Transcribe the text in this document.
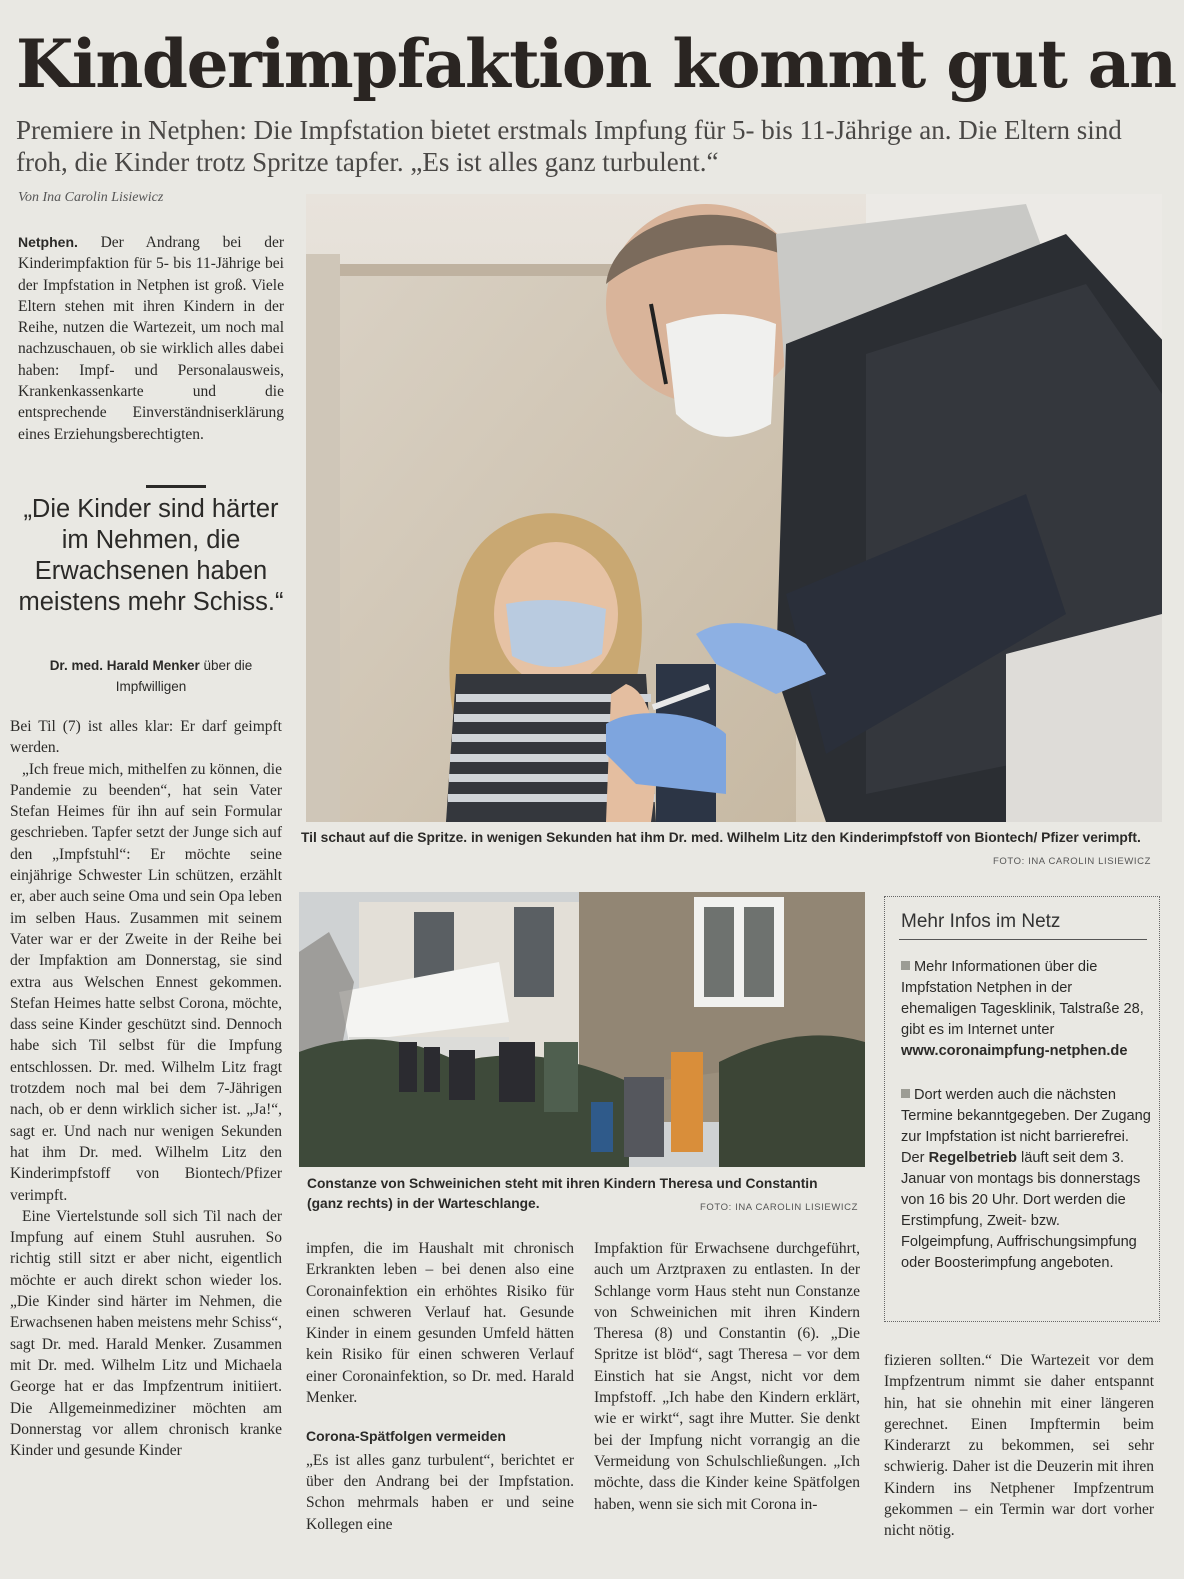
Kinderimpfaktion kommt gut an
Premiere in Netphen: Die Impfstation bietet erstmals Impfung für 5- bis 11-Jährige an. Die Eltern sind froh, die Kinder trotz Spritze tapfer. „Es ist alles ganz turbulent.“
Von Ina Carolin Lisiewicz

Netphen. Der Andrang bei der Kinderimpfaktion für 5- bis 11-Jährige bei der Impfstation in Netphen ist groß. Viele Eltern stehen mit ihren Kindern in der Reihe, nutzen die Wartezeit, um noch mal nachzuschauen, ob sie wirklich alles dabei haben: Impf- und Personalausweis, Krankenkassenkarte und die entsprechende Einverständniserklärung eines Erziehungsberechtigten.

„Die Kinder sind härter im Nehmen, die Erwachsenen haben meistens mehr Schiss.“
Dr. med. Harald Menker über die Impfwilligen

Bei Til (7) ist alles klar: Er darf geimpft werden.

„Ich freue mich, mithelfen zu können, die Pandemie zu beenden“, hat sein Vater Stefan Heimes für ihn auf sein Formular geschrieben. Tapfer setzt der Junge sich auf den „Impfstuhl“: Er möchte seine einjährige Schwester Lin schützen, erzählt er, aber auch seine Oma und sein Opa leben im selben Haus. Zusammen mit seinem Vater war er der Zweite in der Reihe bei der Impfaktion am Donnerstag, sie sind extra aus Welschen Ennest gekommen. Stefan Heimes hatte selbst Corona, möchte, dass seine Kinder geschützt sind. Dennoch habe sich Til selbst für die Impfung entschlossen. Dr. med. Wilhelm Litz fragt trotzdem noch mal bei dem 7-Jährigen nach, ob er denn wirklich sicher ist. „Ja!“, sagt er. Und nach nur wenigen Sekunden hat ihm Dr. med. Wilhelm Litz den Kinderimpfstoff von Biontech/Pfizer verimpft.

Eine Viertelstunde soll sich Til nach der Impfung auf einem Stuhl ausruhen. So richtig still sitzt er aber nicht, eigentlich möchte er auch direkt schon wieder los. „Die Kinder sind härter im Nehmen, die Erwachsenen haben meistens mehr Schiss“, sagt Dr. med. Harald Menker. Zusammen mit Dr. med. Wilhelm Litz und Michaela George hat er das Impfzentrum initiiert. Die Allgemeinmediziner möchten am Donnerstag vor allem chronisch kranke Kinder und gesunde Kinder

Til schaut auf die Spritze. in wenigen Sekunden hat ihm Dr. med. Wilhelm Litz den Kinderimpfstoff von Biontech/ Pfizer verimpft.
FOTO: INA CAROLIN LISIEWICZ
Constanze von Schweinichen steht mit ihren Kindern Theresa und Constantin (ganz rechts) in der Warteschlange.	FOTO: INA CAROLIN LISIEWICZ

impfen, die im Haushalt mit chronisch Erkrankten leben – bei denen also eine Coronainfektion ein erhöhtes Risiko für einen schweren Verlauf hat. Gesunde Kinder in einem gesunden Umfeld hätten kein Risiko für einen schweren Verlauf einer Coronainfektion, so Dr. med. Harald Menker.

Corona-Spätfolgen vermeiden

„Es ist alles ganz turbulent“, berichtet er über den Andrang bei der Impfstation. Schon mehrmals haben er und seine Kollegen eine

Impfaktion für Erwachsene durchgeführt, auch um Arztpraxen zu entlasten. In der Schlange vorm Haus steht nun Constanze von Schweinichen mit ihren Kindern Theresa (8) und Constantin (6). „Die Spritze ist blöd“, sagt Theresa – vor dem Einstich hat sie Angst, nicht vor dem Impfstoff. „Ich habe den Kindern erklärt, wie er wirkt“, sagt ihre Mutter. Sie denkt bei der Impfung nicht vorrangig an die Vermeidung von Schulschließungen. „Ich möchte, dass die Kinder keine Spätfolgen haben, wenn sie sich mit Corona in-

Mehr Infos im Netz

Mehr Informationen über die Impfstation Netphen in der ehemaligen Tagesklinik, Talstraße 28, gibt es im Internet unter www.coronaimpfung-netphen.de

Dort werden auch die nächsten Termine bekanntgegeben. Der Zugang zur Impfstation ist nicht barrierefrei. Der Regelbetrieb läuft seit dem 3. Januar von montags bis donnerstags von 16 bis 20 Uhr. Dort werden die Erstimpfung, Zweit- bzw. Folgeimpfung, Auffrischungsimpfung oder Boosterimpfung angeboten.

fizieren sollten.“ Die Wartezeit vor dem Impfzentrum nimmt sie daher entspannt hin, hat sie ohnehin mit einer längeren gerechnet. Einen Impftermin beim Kinderarzt zu bekommen, sei sehr schwierig. Daher ist die Deuzerin mit ihren Kindern ins Netphener Impfzentrum gekommen – ein Termin war dort vorher nicht nötig.
